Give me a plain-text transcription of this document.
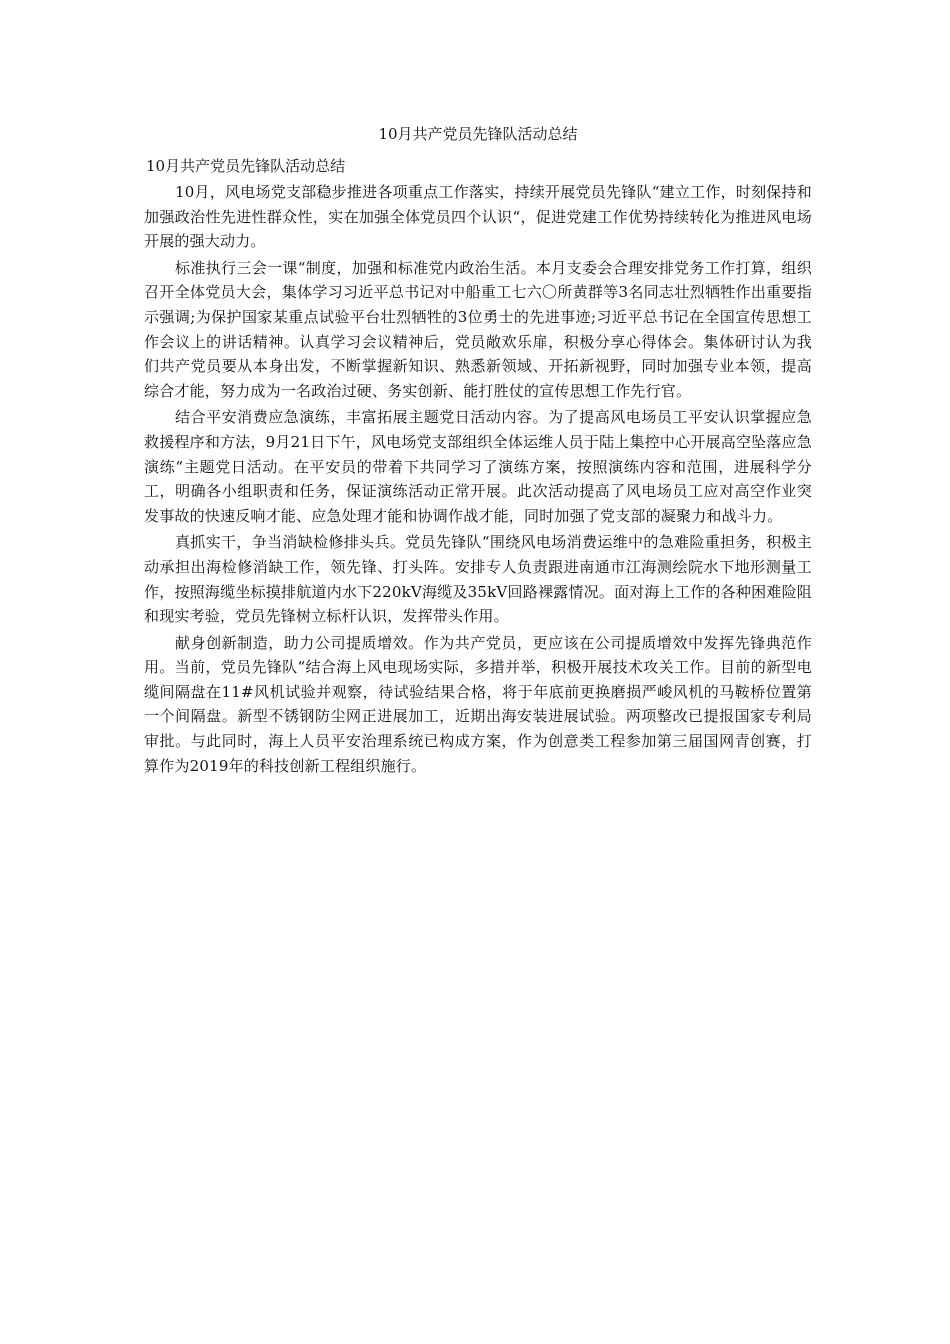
10月共产党员先锋队活动总结
10月共产党员先锋队活动总结

10月，风电场党支部稳步推进各项重点工作落实，持续开展党员先锋队“建立工作，时刻保持和加强政治性先进性群众性，实在加强全体党员四个认识“，促进党建工作优势持续转化为推进风电场开展的强大动力。

标准执行三会一课“制度，加强和标准党内政治生活。本月支委会合理安排党务工作打算，组织召开全体党员大会，集体学习习近平总书记对中船重工七六〇所黄群等3名同志壮烈牺牲作出重要指示强调;为保护国家某重点试验平台壮烈牺牲的3位勇士的先进事迹;习近平总书记在全国宣传思想工作会议上的讲话精神。认真学习会议精神后，党员敞欢乐扉，积极分享心得体会。集体研讨认为我们共产党员要从本身出发，不断掌握新知识、熟悉新领域、开拓新视野，同时加强专业本领，提高综合才能，努力成为一名政治过硬、务实创新、能打胜仗的宣传思想工作先行官。

结合平安消费应急演练，丰富拓展主题党日活动内容。为了提高风电场员工平安认识掌握应急救援程序和方法，9月21日下午，风电场党支部组织全体运维人员于陆上集控中心开展高空坠落应急演练“主题党日活动。在平安员的带着下共同学习了演练方案，按照演练内容和范围，进展科学分工，明确各小组职责和任务，保证演练活动正常开展。此次活动提高了风电场员工应对高空作业突发事故的快速反响才能、应急处理才能和协调作战才能，同时加强了党支部的凝聚力和战斗力。

真抓实干，争当消缺检修排头兵。党员先锋队“围绕风电场消费运维中的急难险重担务，积极主动承担出海检修消缺工作，领先锋、打头阵。安排专人负责跟进南通市江海测绘院水下地形测量工作，按照海缆坐标摸排航道内水下220kV海缆及35kV回路裸露情况。面对海上工作的各种困难险阻和现实考验，党员先锋树立标杆认识，发挥带头作用。

献身创新制造，助力公司提质增效。作为共产党员，更应该在公司提质增效中发挥先锋典范作用。当前，党员先锋队“结合海上风电现场实际，多措并举，积极开展技术攻关工作。目前的新型电缆间隔盘在11#风机试验并观察，待试验结果合格，将于年底前更换磨损严峻风机的马鞍桥位置第一个间隔盘。新型不锈钢防尘网正进展加工，近期出海安装进展试验。两项整改已提报国家专利局审批。与此同时，海上人员平安治理系统已构成方案，作为创意类工程参加第三届国网青创赛，打算作为2019年的科技创新工程组织施行。
